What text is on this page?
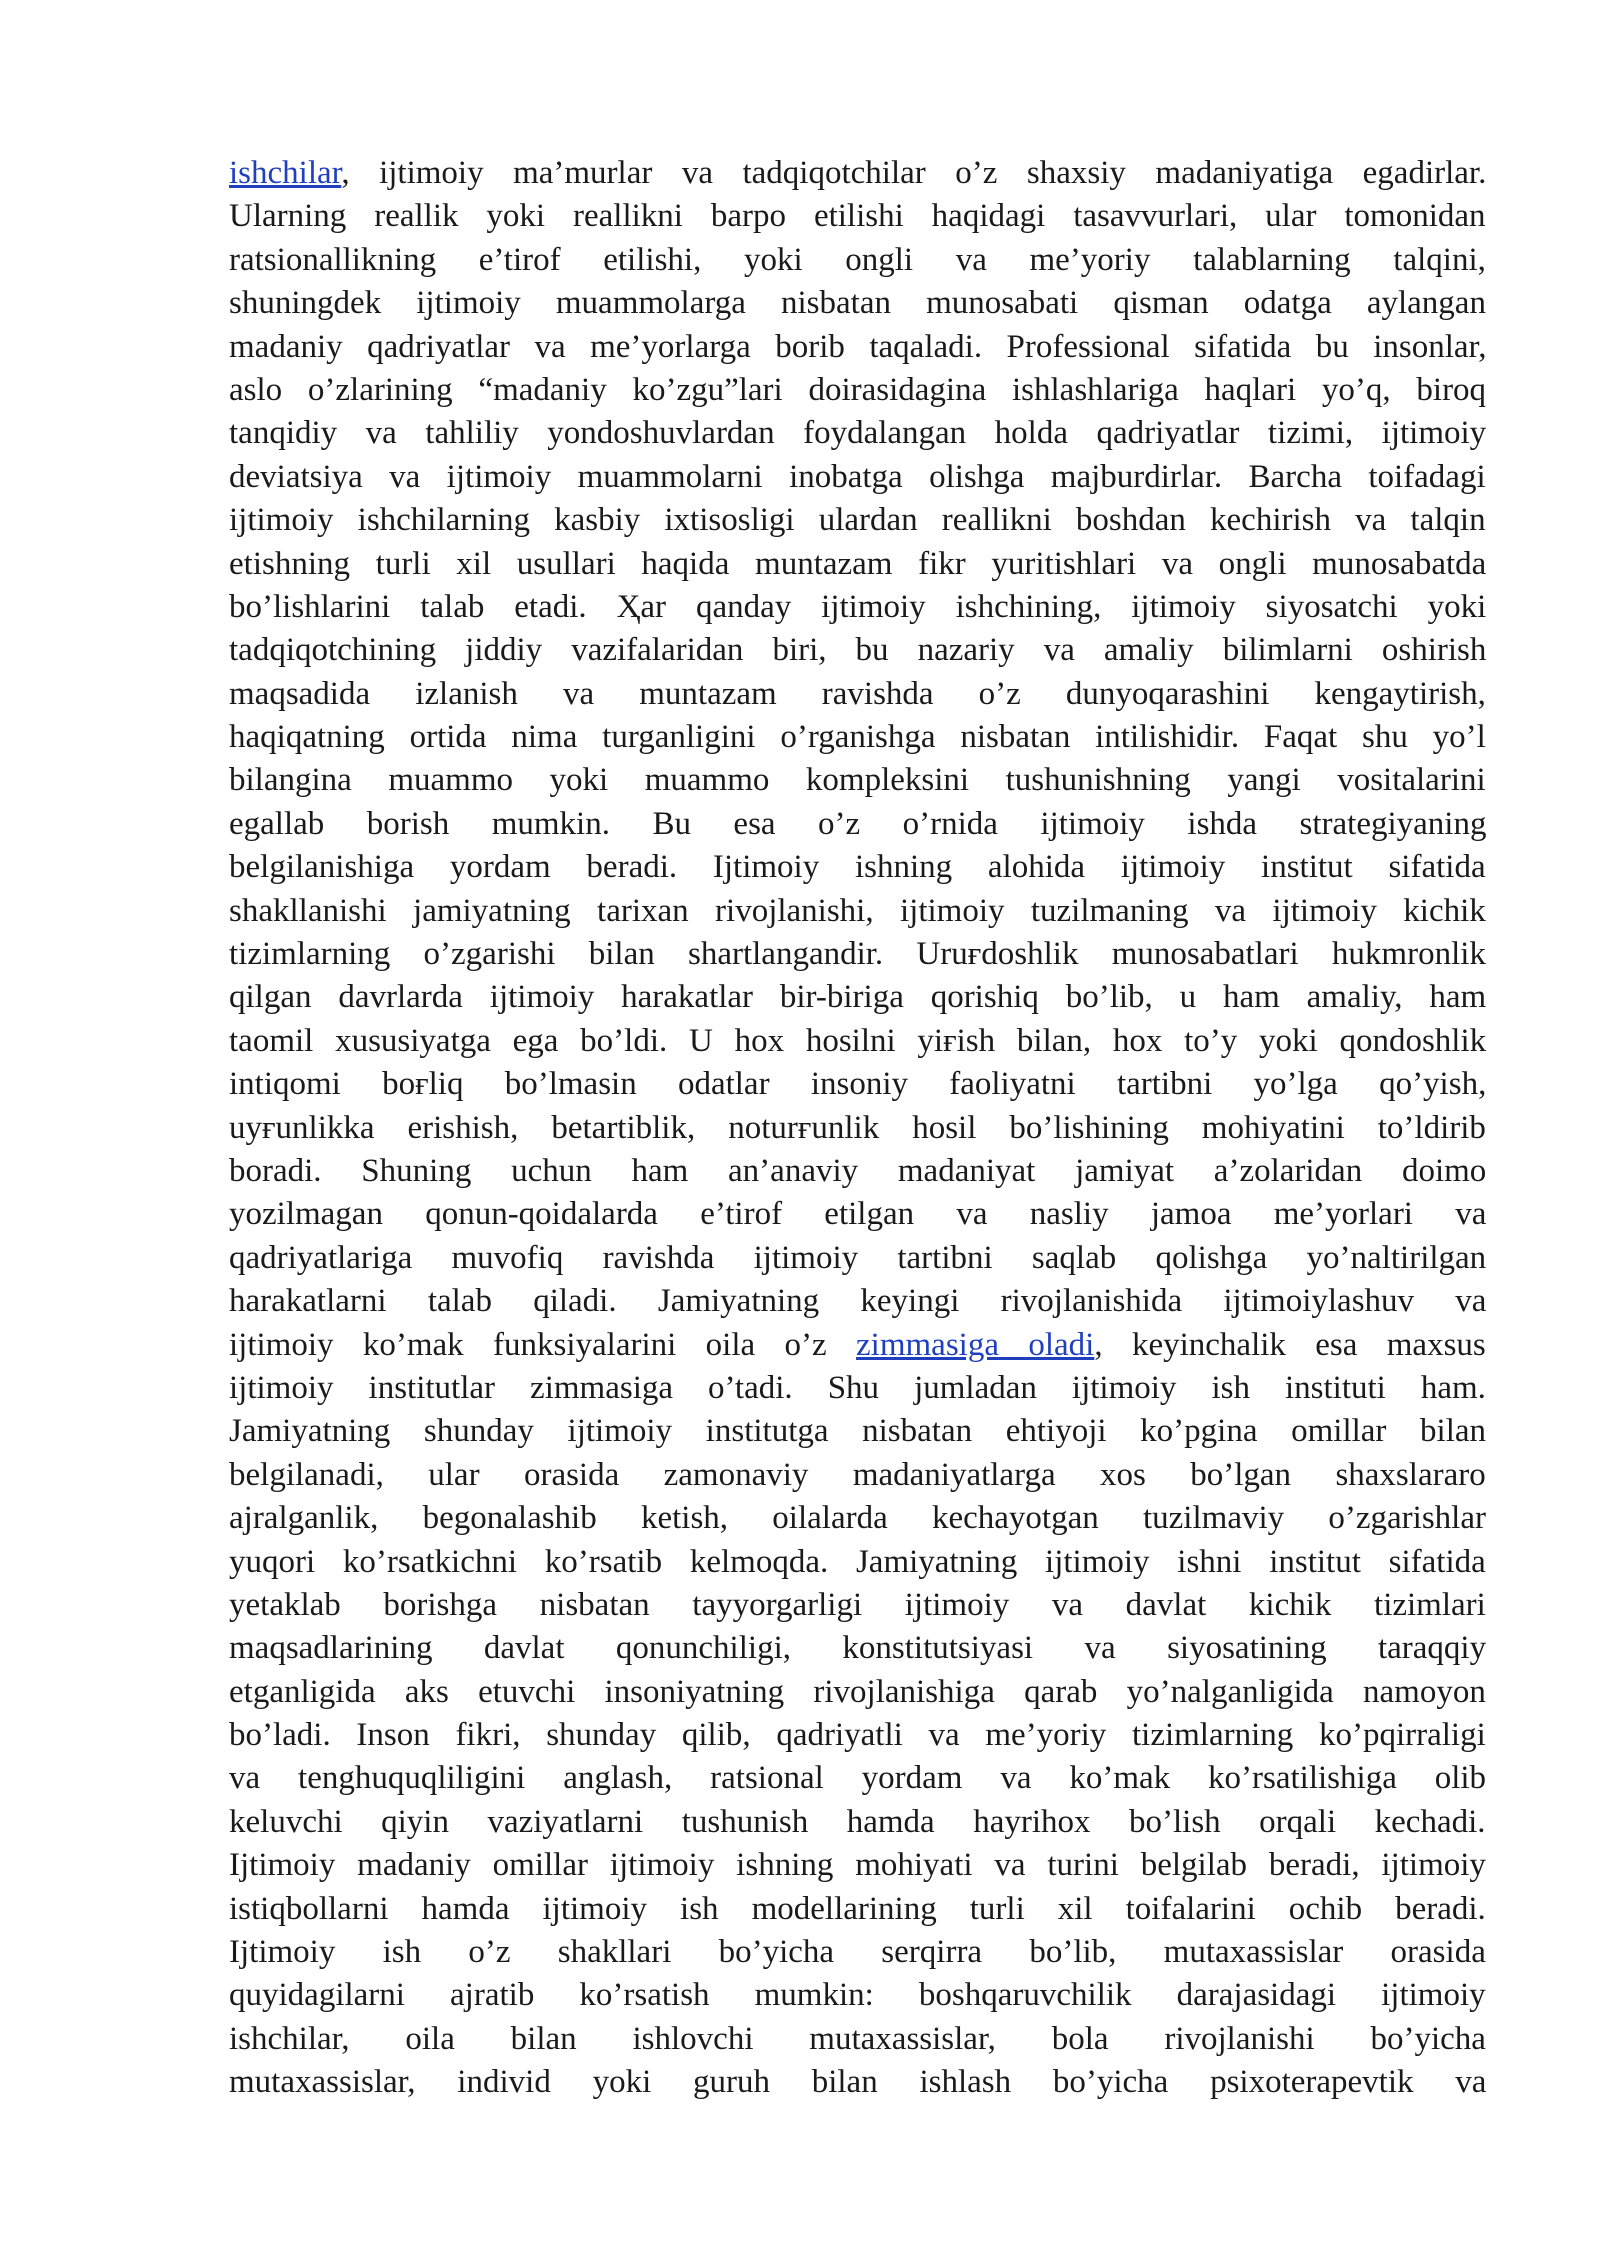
ishchilar, ijtimoiy ma’murlar va tadqiqotchilar o’z shaxsiy madaniyatiga egadirlar.
Ularning reallik yoki reallikni barpo etilishi haqidagi tasavvurlari, ular tomonidan
ratsionallikning e’tirof etilishi, yoki ongli va me’yoriy talablarning talqini,
shuningdek ijtimoiy muammolarga nisbatan munosabati qisman odatga aylangan
madaniy qadriyatlar va me’yorlarga borib taqaladi. Professional sifatida bu insonlar,
aslo o’zlarining “madaniy ko’zgu”lari doirasidagina ishlashlariga haqlari yo’q, biroq
tanqidiy va tahliliy yondoshuvlardan foydalangan holda qadriyatlar tizimi, ijtimoiy
deviatsiya va ijtimoiy muammolarni inobatga olishga majburdirlar. Barcha toifadagi
ijtimoiy ishchilarning kasbiy ixtisosligi ulardan reallikni boshdan kechirish va talqin
etishning turli xil usullari haqida muntazam fikr yuritishlari va ongli munosabatda
bo’lishlarini talab etadi. Ҳar qanday ijtimoiy ishchining, ijtimoiy siyosatchi yoki
tadqiqotchining jiddiy vazifalaridan biri, bu nazariy va amaliy bilimlarni oshirish
maqsadida izlanish va muntazam ravishda o’z dunyoqarashini kengaytirish,
haqiqatning ortida nima turganligini o’rganishga nisbatan intilishidir. Faqat shu yo’l
bilangina muammo yoki muammo kompleksini tushunishning yangi vositalarini
egallab borish mumkin. Bu esa o’z o’rnida ijtimoiy ishda strategiyaning
belgilanishiga yordam beradi. Ijtimoiy ishning alohida ijtimoiy institut sifatida
shakllanishi jamiyatning tarixan rivojlanishi, ijtimoiy tuzilmaning va ijtimoiy kichik
tizimlarning o’zgarishi bilan shartlangandir. Uruғdoshlik munosabatlari hukmronlik
qilgan davrlarda ijtimoiy harakatlar bir-biriga qorishiq bo’lib, u ham amaliy, ham
taomil xususiyatga ega bo’ldi. U hox hosilni yiғish bilan, hox to’y yoki qondoshlik
intiqomi boғliq bo’lmasin odatlar insoniy faoliyatni tartibni yo’lga qo’yish,
uyғunlikka erishish, betartiblik, noturғunlik hosil bo’lishining mohiyatini to’ldirib
boradi. Shuning uchun ham an’anaviy madaniyat jamiyat a’zolaridan doimo
yozilmagan qonun-qoidalarda e’tirof etilgan va nasliy jamoa me’yorlari va
qadriyatlariga muvofiq ravishda ijtimoiy tartibni saqlab qolishga yo’naltirilgan
harakatlarni talab qiladi. Jamiyatning keyingi rivojlanishida ijtimoiylashuv va
ijtimoiy ko’mak funksiyalarini oila o’z zimmasiga oladi, keyinchalik esa maxsus
ijtimoiy institutlar zimmasiga o’tadi. Shu jumladan ijtimoiy ish instituti ham.
Jamiyatning shunday ijtimoiy institutga nisbatan ehtiyoji ko’pgina omillar bilan
belgilanadi, ular orasida zamonaviy madaniyatlarga xos bo’lgan shaxslararo
ajralganlik, begonalashib ketish, oilalarda kechayotgan tuzilmaviy o’zgarishlar
yuqori ko’rsatkichni ko’rsatib kelmoqda. Jamiyatning ijtimoiy ishni institut sifatida
yetaklab borishga nisbatan tayyorgarligi ijtimoiy va davlat kichik tizimlari
maqsadlarining davlat qonunchiligi, konstitutsiyasi va siyosatining taraqqiy
etganligida aks etuvchi insoniyatning rivojlanishiga qarab yo’nalganligida namoyon
bo’ladi. Inson fikri, shunday qilib, qadriyatli va me’yoriy tizimlarning ko’pqirraligi
va tenghuquqliligini anglash, ratsional yordam va ko’mak ko’rsatilishiga olib
keluvchi qiyin vaziyatlarni tushunish hamda hayrihox bo’lish orqali kechadi.
Ijtimoiy madaniy omillar ijtimoiy ishning mohiyati va turini belgilab beradi, ijtimoiy
istiqbollarni hamda ijtimoiy ish modellarining turli xil toifalarini ochib beradi.
Ijtimoiy ish o’z shakllari bo’yicha serqirra bo’lib, mutaxassislar orasida
quyidagilarni ajratib ko’rsatish mumkin: boshqaruvchilik darajasidagi ijtimoiy
ishchilar, oila bilan ishlovchi mutaxassislar, bola rivojlanishi bo’yicha
mutaxassislar, individ yoki guruh bilan ishlash bo’yicha psixoterapevtik va
